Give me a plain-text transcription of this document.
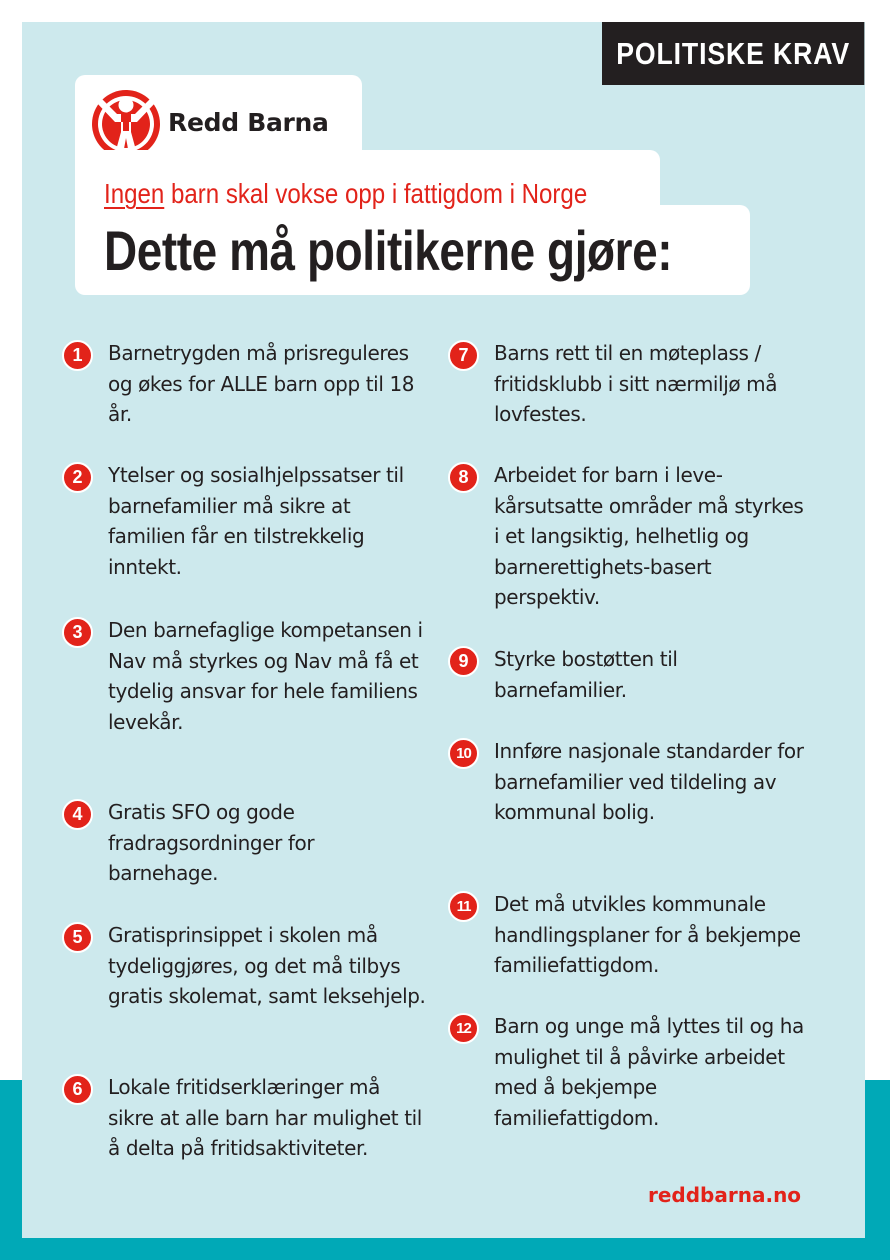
POLITISKE KRAV
Redd Barna
Ingen barn skal vokse opp i fattigdom i Norge
Dette må politikerne gjøre:
1	Barnetrygden må prisreguleres og økes for ALLE barn opp til 18 år.
2	Ytelser og sosialhjelpssatser til barnefamilier må sikre at familien får en tilstrekkelig inntekt.
3	Den barnefaglige kompetansen i Nav må styrkes og Nav må få et tydelig ansvar for hele familiens levekår.
4	Gratis SFO og gode fradragsordninger for barnehage.
5	Gratisprinsippet i skolen må tydeliggjøres, og det må tilbys gratis skolemat, samt leksehjelp.
6	Lokale fritidserklæringer må sikre at alle barn har mulighet til å delta på fritidsaktiviteter.
7	Barns rett til en møteplass / fritidsklubb i sitt nærmiljø må lovfestes.
8	Arbeidet for barn i leve-kårsutsatte områder må styrkes i et langsiktig, helhetlig og barnerettighets-basert perspektiv.
9	Styrke bostøtten til barnefamilier.
10	Innføre nasjonale standarder for barnefamilier ved tildeling av kommunal bolig.
11	Det må utvikles kommunale handlingsplaner for å bekjempe familiefattigdom.
12	Barn og unge må lyttes til og ha mulighet til å påvirke arbeidet med å bekjempe familiefattigdom.
reddbarna.no
